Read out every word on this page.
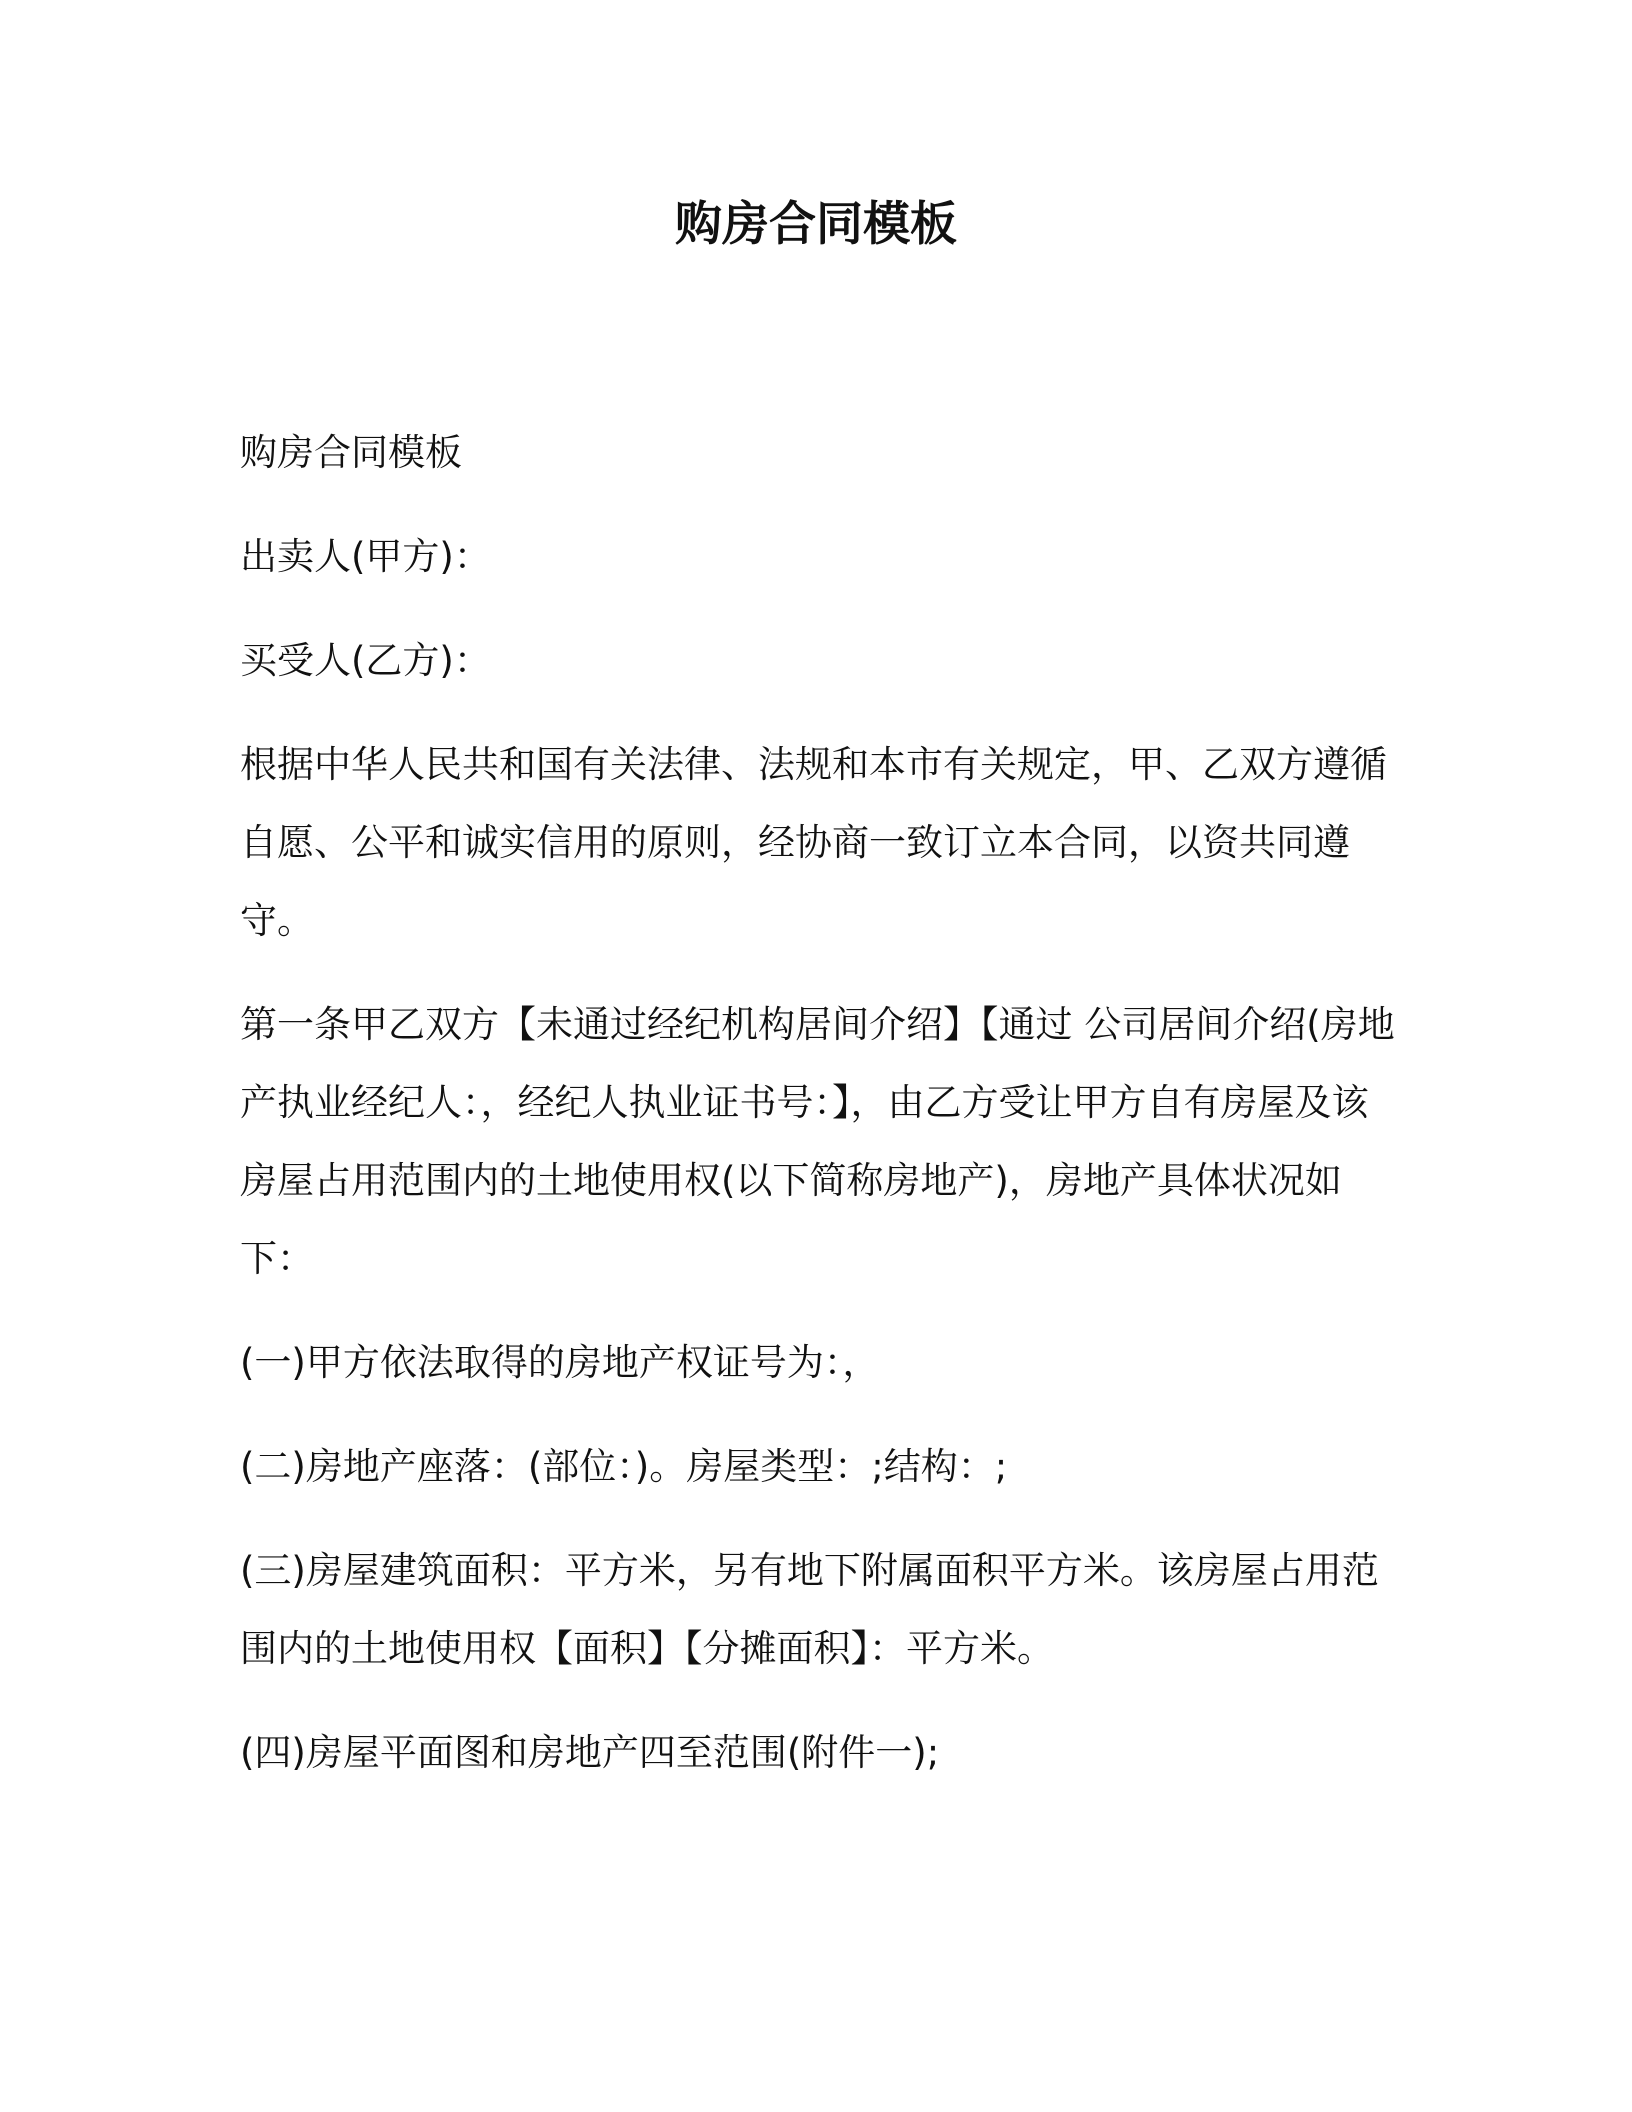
购房合同模板

购房合同模板

出卖人(甲方)：

买受人(乙方)：

根据中华人民共和国有关法律、法规和本市有关规定，甲、乙双方遵循自愿、公平和诚实信用的原则，经协商一致订立本合同，以资共同遵守。

第一条甲乙双方【未通过经纪机构居间介绍】【通过 公司居间介绍(房地产执业经纪人：，经纪人执业证书号：】，由乙方受让甲方自有房屋及该房屋占用范围内的土地使用权(以下简称房地产)，房地产具体状况如下：

(一)甲方依法取得的房地产权证号为：，

(二)房地产座落：(部位：)。房屋类型：;结构：;

(三)房屋建筑面积：平方米，另有地下附属面积平方米。该房屋占用范围内的土地使用权【面积】【分摊面积】：平方米。

(四)房屋平面图和房地产四至范围(附件一);
